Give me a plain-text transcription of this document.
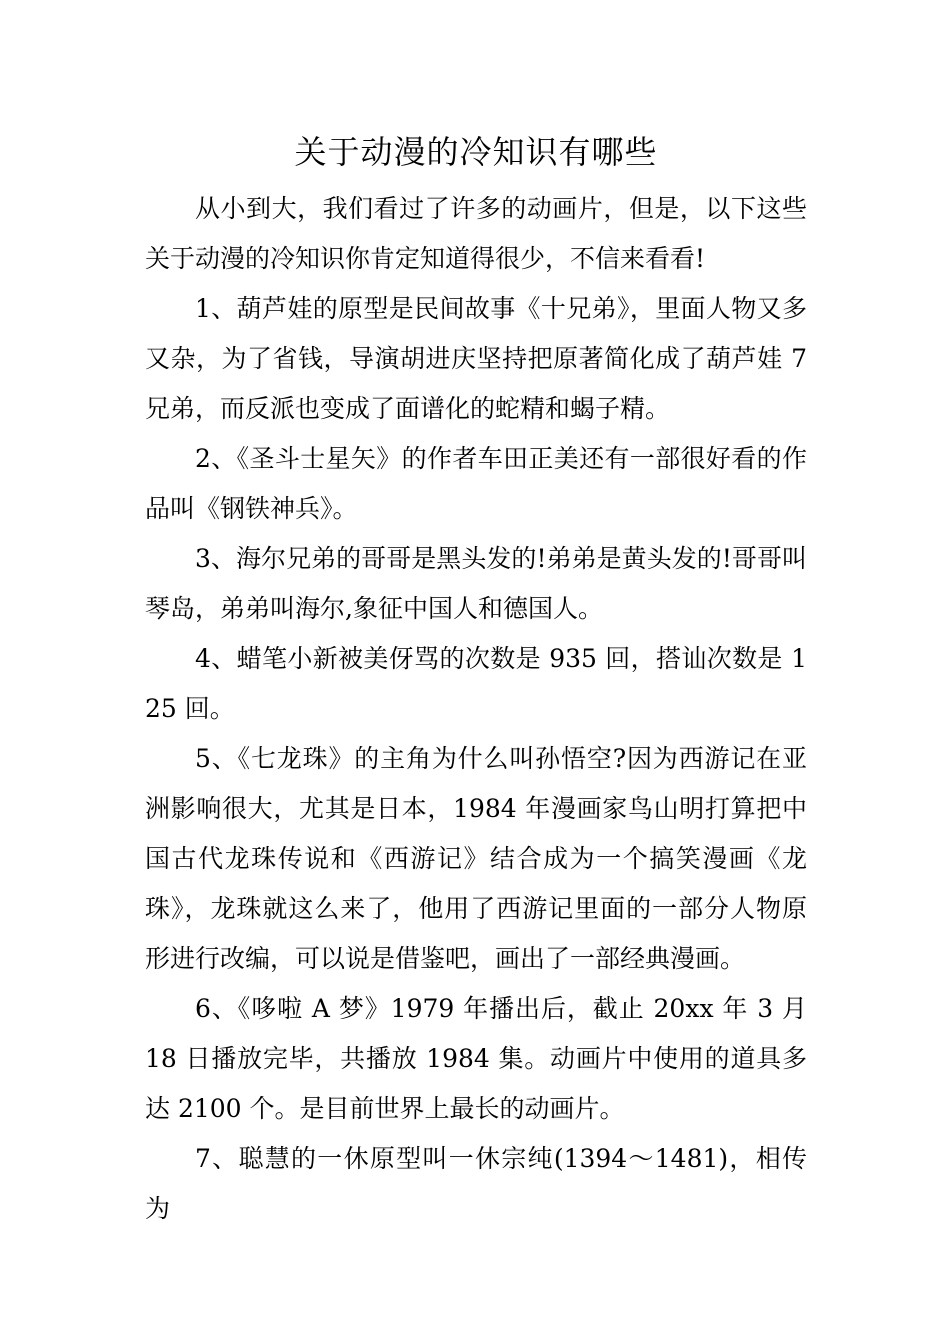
关于动漫的冷知识有哪些

从小到大，我们看过了许多的动画片，但是，以下这些关于动漫的冷知识你肯定知道得很少，不信来看看!

1、葫芦娃的原型是民间故事《十兄弟》，里面人物又多又杂，为了省钱，导演胡进庆坚持把原著简化成了葫芦娃 7 兄弟，而反派也变成了面谱化的蛇精和蝎子精。

2、《圣斗士星矢》的作者车田正美还有一部很好看的作品叫《钢铁神兵》。

3、海尔兄弟的哥哥是黑头发的!弟弟是黄头发的!哥哥叫琴岛，弟弟叫海尔,象征中国人和德国人。

4、蜡笔小新被美伢骂的次数是 935 回，搭讪次数是 125 回。

5、《七龙珠》的主角为什么叫孙悟空?因为西游记在亚洲影响很大，尤其是日本，1984 年漫画家鸟山明打算把中国古代龙珠传说和《西游记》结合成为一个搞笑漫画《龙珠》，龙珠就这么来了，他用了西游记里面的一部分人物原形进行改编，可以说是借鉴吧，画出了一部经典漫画。

6、《哆啦 A 梦》1979 年播出后，截止 20xx 年 3 月 18 日播放完毕，共播放 1984 集。动画片中使用的道具多达 2100 个。是目前世界上最长的动画片。

7、聪慧的一休原型叫一休宗纯(1394～1481)，相传为
